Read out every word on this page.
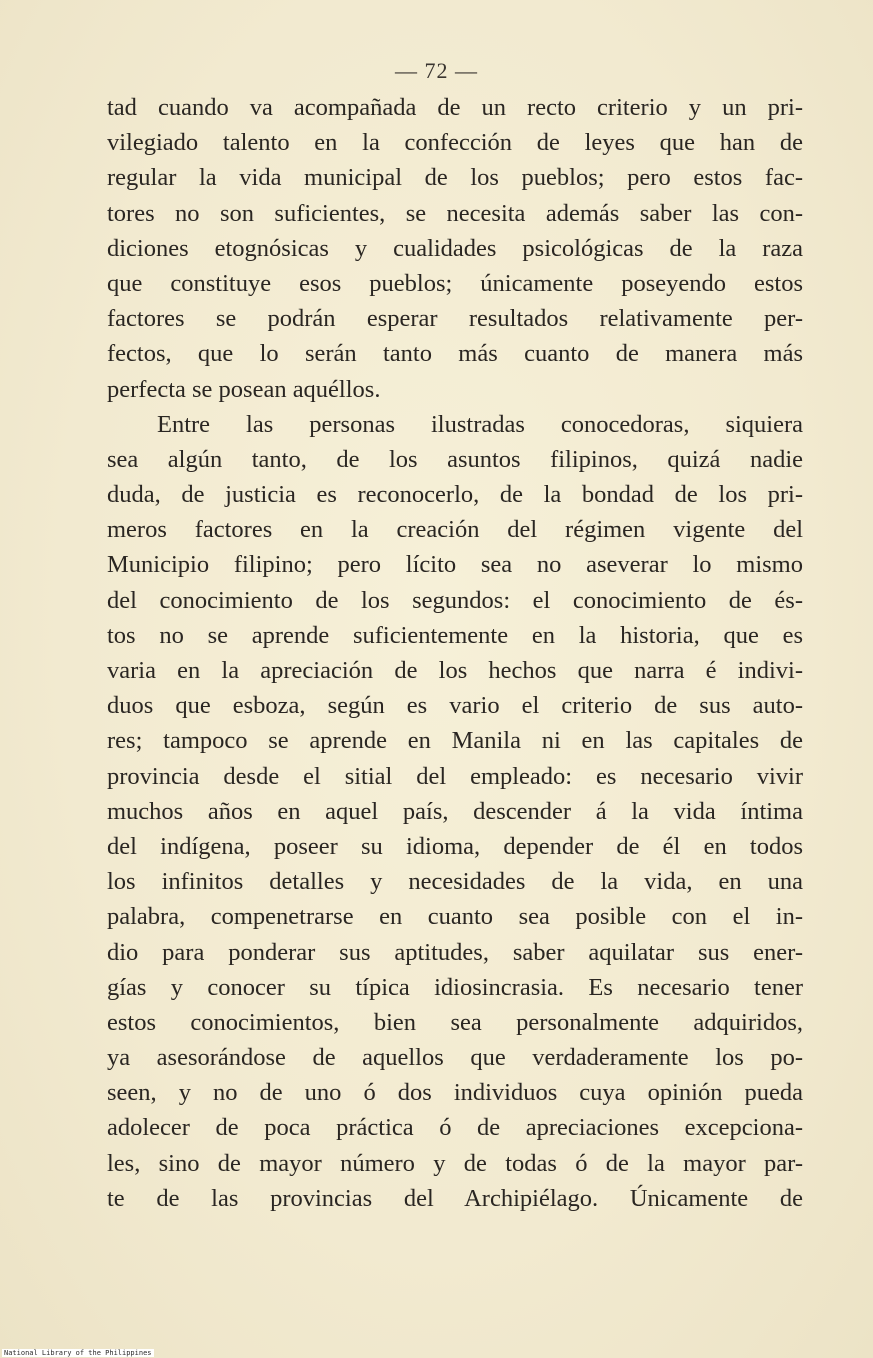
— 72 —
tad cuando va acompañada de un recto criterio y un pri-
vilegiado talento en la confección de leyes que han de
regular la vida municipal de los pueblos; pero estos fac-
tores no son suficientes, se necesita además saber las con-
diciones etognósicas y cualidades psicológicas de la raza
que constituye esos pueblos; únicamente poseyendo estos
factores se podrán esperar resultados relativamente per-
fectos, que lo serán tanto más cuanto de manera más
perfecta se posean aquéllos.
Entre las personas ilustradas conocedoras, siquiera
sea algún tanto, de los asuntos filipinos, quizá nadie
duda, de justicia es reconocerlo, de la bondad de los pri-
meros factores en la creación del régimen vigente del
Municipio filipino; pero lícito sea no aseverar lo mismo
del conocimiento de los segundos: el conocimiento de és-
tos no se aprende suficientemente en la historia, que es
varia en la apreciación de los hechos que narra é indivi-
duos que esboza, según es vario el criterio de sus auto-
res; tampoco se aprende en Manila ni en las capitales de
provincia desde el sitial del empleado: es necesario vivir
muchos años en aquel país, descender á la vida íntima
del indígena, poseer su idioma, depender de él en todos
los infinitos detalles y necesidades de la vida, en una
palabra, compenetrarse en cuanto sea posible con el in-
dio para ponderar sus aptitudes, saber aquilatar sus ener-
gías y conocer su típica idiosincrasia. Es necesario tener
estos conocimientos, bien sea personalmente adquiridos,
ya asesorándose de aquellos que verdaderamente los po-
seen, y no de uno ó dos individuos cuya opinión pueda
adolecer de poca práctica ó de apreciaciones excepciona-
les, sino de mayor número y de todas ó de la mayor par-
te de las provincias del Archipiélago. Únicamente de
National Library of the Philippines
